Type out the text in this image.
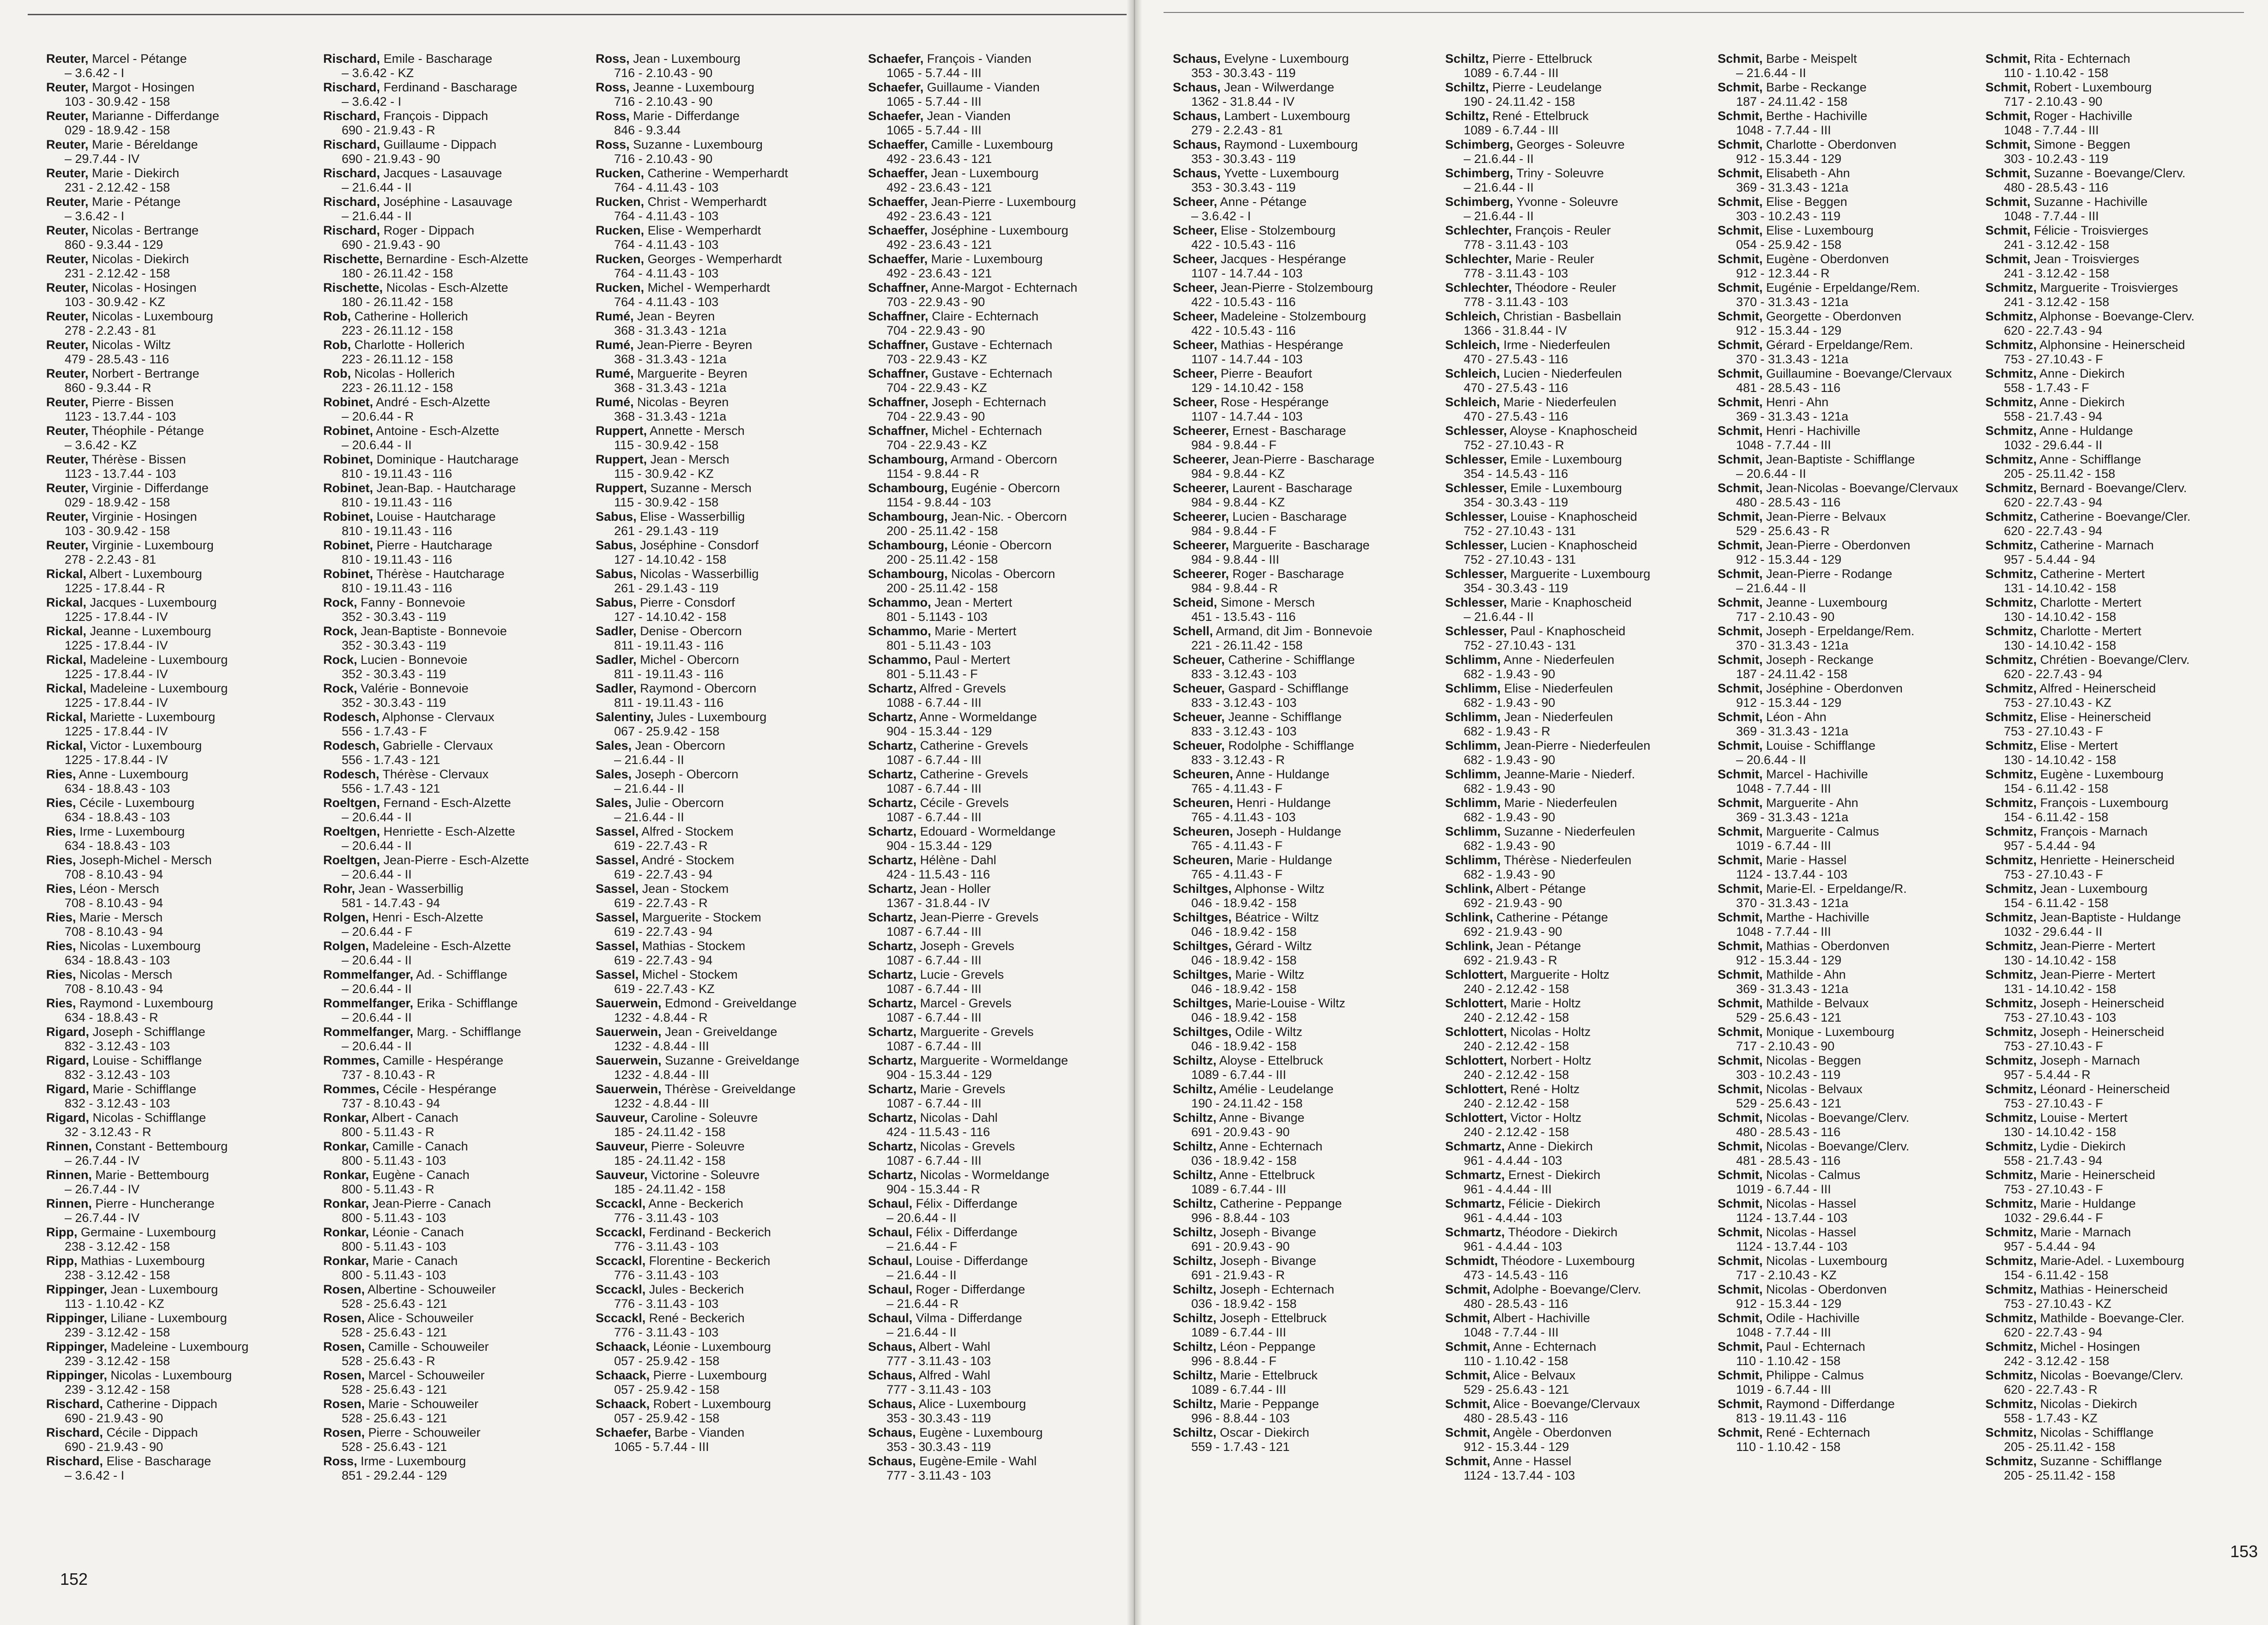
Reuter, Marcel - Pétange
– 3.6.42 - I
Reuter, Margot - Hosingen
103 - 30.9.42 - 158
Reuter, Marianne - Differdange
029 - 18.9.42 - 158
Reuter, Marie - Béreldange
– 29.7.44 - IV
Reuter, Marie - Diekirch
231 - 2.12.42 - 158
Reuter, Marie - Pétange
– 3.6.42 - I
Reuter, Nicolas - Bertrange
860 - 9.3.44 - 129
Reuter, Nicolas - Diekirch
231 - 2.12.42 - 158
Reuter, Nicolas - Hosingen
103 - 30.9.42 - KZ
Reuter, Nicolas - Luxembourg
278 - 2.2.43 - 81
Reuter, Nicolas - Wiltz
479 - 28.5.43 - 116
Reuter, Norbert - Bertrange
860 - 9.3.44 - R
Reuter, Pierre - Bissen
1123 - 13.7.44 - 103
Reuter, Théophile - Pétange
– 3.6.42 - KZ
Reuter, Thérèse - Bissen
1123 - 13.7.44 - 103
Reuter, Virginie - Differdange
029 - 18.9.42 - 158
Reuter, Virginie - Hosingen
103 - 30.9.42 - 158
Reuter, Virginie - Luxembourg
278 - 2.2.43 - 81
Rickal, Albert - Luxembourg
1225 - 17.8.44 - R
Rickal, Jacques - Luxembourg
1225 - 17.8.44 - IV
Rickal, Jeanne - Luxembourg
1225 - 17.8.44 - IV
Rickal, Madeleine - Luxembourg
1225 - 17.8.44 - IV
Rickal, Madeleine - Luxembourg
1225 - 17.8.44 - IV
Rickal, Mariette - Luxembourg
1225 - 17.8.44 - IV
Rickal, Victor - Luxembourg
1225 - 17.8.44 - IV
Ries, Anne - Luxembourg
634 - 18.8.43 - 103
Ries, Cécile - Luxembourg
634 - 18.8.43 - 103
Ries, Irme - Luxembourg
634 - 18.8.43 - 103
Ries, Joseph-Michel - Mersch
708 - 8.10.43 - 94
Ries, Léon - Mersch
708 - 8.10.43 - 94
Ries, Marie - Mersch
708 - 8.10.43 - 94
Ries, Nicolas - Luxembourg
634 - 18.8.43 - 103
Ries, Nicolas - Mersch
708 - 8.10.43 - 94
Ries, Raymond - Luxembourg
634 - 18.8.43 - R
Rigard, Joseph - Schifflange
832 - 3.12.43 - 103
Rigard, Louise - Schifflange
832 - 3.12.43 - 103
Rigard, Marie - Schifflange
832 - 3.12.43 - 103
Rigard, Nicolas - Schifflange
32 - 3.12.43 - R
Rinnen, Constant - Bettembourg
– 26.7.44 - IV
Rinnen, Marie - Bettembourg
– 26.7.44 - IV
Rinnen, Pierre - Huncherange
– 26.7.44 - IV
Ripp, Germaine - Luxembourg
238 - 3.12.42 - 158
Ripp, Mathias - Luxembourg
238 - 3.12.42 - 158
Rippinger, Jean - Luxembourg
113 - 1.10.42 - KZ
Rippinger, Liliane - Luxembourg
239 - 3.12.42 - 158
Rippinger, Madeleine - Luxembourg
239 - 3.12.42 - 158
Rippinger, Nicolas - Luxembourg
239 - 3.12.42 - 158
Rischard, Catherine - Dippach
690 - 21.9.43 - 90
Rischard, Cécile - Dippach
690 - 21.9.43 - 90
Rischard, Elise - Bascharage
– 3.6.42 - I
Rischard, Emile - Bascharage
– 3.6.42 - KZ
Rischard, Ferdinand - Bascharage
– 3.6.42 - I
Rischard, François - Dippach
690 - 21.9.43 - R
Rischard, Guillaume - Dippach
690 - 21.9.43 - 90
Rischard, Jacques - Lasauvage
– 21.6.44 - II
Rischard, Joséphine - Lasauvage
– 21.6.44 - II
Rischard, Roger - Dippach
690 - 21.9.43 - 90
Rischette, Bernardine - Esch-Alzette
180 - 26.11.42 - 158
Rischette, Nicolas - Esch-Alzette
180 - 26.11.42 - 158
Rob, Catherine - Hollerich
223 - 26.11.12 - 158
Rob, Charlotte - Hollerich
223 - 26.11.12 - 158
Rob, Nicolas - Hollerich
223 - 26.11.12 - 158
Robinet, André - Esch-Alzette
– 20.6.44 - R
Robinet, Antoine - Esch-Alzette
– 20.6.44 - II
Robinet, Dominique - Hautcharage
810 - 19.11.43 - 116
Robinet, Jean-Bap. - Hautcharage
810 - 19.11.43 - 116
Robinet, Louise - Hautcharage
810 - 19.11.43 - 116
Robinet, Pierre - Hautcharage
810 - 19.11.43 - 116
Robinet, Thérèse - Hautcharage
810 - 19.11.43 - 116
Rock, Fanny - Bonnevoie
352 - 30.3.43 - 119
Rock, Jean-Baptiste - Bonnevoie
352 - 30.3.43 - 119
Rock, Lucien - Bonnevoie
352 - 30.3.43 - 119
Rock, Valérie - Bonnevoie
352 - 30.3.43 - 119
Rodesch, Alphonse - Clervaux
556 - 1.7.43 - F
Rodesch, Gabrielle - Clervaux
556 - 1.7.43 - 121
Rodesch, Thérèse - Clervaux
556 - 1.7.43 - 121
Roeltgen, Fernand - Esch-Alzette
– 20.6.44 - II
Roeltgen, Henriette - Esch-Alzette
– 20.6.44 - II
Roeltgen, Jean-Pierre - Esch-Alzette
– 20.6.44 - II
Rohr, Jean - Wasserbillig
581 - 14.7.43 - 94
Rolgen, Henri - Esch-Alzette
– 20.6.44 - F
Rolgen, Madeleine - Esch-Alzette
– 20.6.44 - II
Rommelfanger, Ad. - Schifflange
– 20.6.44 - II
Rommelfanger, Erika - Schifflange
– 20.6.44 - II
Rommelfanger, Marg. - Schifflange
– 20.6.44 - II
Rommes, Camille - Hespérange
737 - 8.10.43 - R
Rommes, Cécile - Hespérange
737 - 8.10.43 - 94
Ronkar, Albert - Canach
800 - 5.11.43 - R
Ronkar, Camille - Canach
800 - 5.11.43 - 103
Ronkar, Eugène - Canach
800 - 5.11.43 - R
Ronkar, Jean-Pierre - Canach
800 - 5.11.43 - 103
Ronkar, Léonie - Canach
800 - 5.11.43 - 103
Ronkar, Marie - Canach
800 - 5.11.43 - 103
Rosen, Albertine - Schouweiler
528 - 25.6.43 - 121
Rosen, Alice - Schouweiler
528 - 25.6.43 - 121
Rosen, Camille - Schouweiler
528 - 25.6.43 - R
Rosen, Marcel - Schouweiler
528 - 25.6.43 - 121
Rosen, Marie - Schouweiler
528 - 25.6.43 - 121
Rosen, Pierre - Schouweiler
528 - 25.6.43 - 121
Ross, Irme - Luxembourg
851 - 29.2.44 - 129
Ross, Jean - Luxembourg
716 - 2.10.43 - 90
Ross, Jeanne - Luxembourg
716 - 2.10.43 - 90
Ross, Marie - Differdange
846 - 9.3.44
Ross, Suzanne - Luxembourg
716 - 2.10.43 - 90
Rucken, Catherine - Wemperhardt
764 - 4.11.43 - 103
Rucken, Christ - Wemperhardt
764 - 4.11.43 - 103
Rucken, Elise - Wemperhardt
764 - 4.11.43 - 103
Rucken, Georges - Wemperhardt
764 - 4.11.43 - 103
Rucken, Michel - Wemperhardt
764 - 4.11.43 - 103
Rumé, Jean - Beyren
368 - 31.3.43 - 121a
Rumé, Jean-Pierre - Beyren
368 - 31.3.43 - 121a
Rumé, Marguerite - Beyren
368 - 31.3.43 - 121a
Rumé, Nicolas - Beyren
368 - 31.3.43 - 121a
Ruppert, Annette - Mersch
115 - 30.9.42 - 158
Ruppert, Jean - Mersch
115 - 30.9.42 - KZ
Ruppert, Suzanne - Mersch
115 - 30.9.42 - 158
Sabus, Elise - Wasserbillig
261 - 29.1.43 - 119
Sabus, Joséphine - Consdorf
127 - 14.10.42 - 158
Sabus, Nicolas - Wasserbillig
261 - 29.1.43 - 119
Sabus, Pierre - Consdorf
127 - 14.10.42 - 158
Sadler, Denise - Obercorn
811 - 19.11.43 - 116
Sadler, Michel - Obercorn
811 - 19.11.43 - 116
Sadler, Raymond - Obercorn
811 - 19.11.43 - 116
Salentiny, Jules - Luxembourg
067 - 25.9.42 - 158
Sales, Jean - Obercorn
– 21.6.44 - II
Sales, Joseph - Obercorn
– 21.6.44 - II
Sales, Julie - Obercorn
– 21.6.44 - II
Sassel, Alfred - Stockem
619 - 22.7.43 - R
Sassel, André - Stockem
619 - 22.7.43 - 94
Sassel, Jean - Stockem
619 - 22.7.43 - R
Sassel, Marguerite - Stockem
619 - 22.7.43 - 94
Sassel, Mathias - Stockem
619 - 22.7.43 - 94
Sassel, Michel - Stockem
619 - 22.7.43 - KZ
Sauerwein, Edmond - Greiveldange
1232 - 4.8.44 - R
Sauerwein, Jean - Greiveldange
1232 - 4.8.44 - III
Sauerwein, Suzanne - Greiveldange
1232 - 4.8.44 - III
Sauerwein, Thérèse - Greiveldange
1232 - 4.8.44 - III
Sauveur, Caroline - Soleuvre
185 - 24.11.42 - 158
Sauveur, Pierre - Soleuvre
185 - 24.11.42 - 158
Sauveur, Victorine - Soleuvre
185 - 24.11.42 - 158
Sccackl, Anne - Beckerich
776 - 3.11.43 - 103
Sccackl, Ferdinand - Beckerich
776 - 3.11.43 - 103
Sccackl, Florentine - Beckerich
776 - 3.11.43 - 103
Sccackl, Jules - Beckerich
776 - 3.11.43 - 103
Sccackl, René - Beckerich
776 - 3.11.43 - 103
Schaack, Léonie - Luxembourg
057 - 25.9.42 - 158
Schaack, Pierre - Luxembourg
057 - 25.9.42 - 158
Schaack, Robert - Luxembourg
057 - 25.9.42 - 158
Schaefer, Barbe - Vianden
1065 - 5.7.44 - III
Schaefer, François - Vianden
1065 - 5.7.44 - III
Schaefer, Guillaume - Vianden
1065 - 5.7.44 - III
Schaefer, Jean - Vianden
1065 - 5.7.44 - III
Schaeffer, Camille - Luxembourg
492 - 23.6.43 - 121
Schaeffer, Jean - Luxembourg
492 - 23.6.43 - 121
Schaeffer, Jean-Pierre - Luxembourg
492 - 23.6.43 - 121
Schaeffer, Joséphine - Luxembourg
492 - 23.6.43 - 121
Schaeffer, Marie - Luxembourg
492 - 23.6.43 - 121
Schaffner, Anne-Margot - Echternach
703 - 22.9.43 - 90
Schaffner, Claire - Echternach
704 - 22.9.43 - 90
Schaffner, Gustave - Echternach
703 - 22.9.43 - KZ
Schaffner, Gustave - Echternach
704 - 22.9.43 - KZ
Schaffner, Joseph - Echternach
704 - 22.9.43 - 90
Schaffner, Michel - Echternach
704 - 22.9.43 - KZ
Schambourg, Armand - Obercorn
1154 - 9.8.44 - R
Schambourg, Eugénie - Obercorn
1154 - 9.8.44 - 103
Schambourg, Jean-Nic. - Obercorn
200 - 25.11.42 - 158
Schambourg, Léonie - Obercorn
200 - 25.11.42 - 158
Schambourg, Nicolas - Obercorn
200 - 25.11.42 - 158
Schammo, Jean - Mertert
801 - 5.1143 - 103
Schammo, Marie - Mertert
801 - 5.11.43 - 103
Schammo, Paul - Mertert
801 - 5.11.43 - F
Schartz, Alfred - Grevels
1088 - 6.7.44 - III
Schartz, Anne - Wormeldange
904 - 15.3.44 - 129
Schartz, Catherine - Grevels
1087 - 6.7.44 - III
Schartz, Catherine - Grevels
1087 - 6.7.44 - III
Schartz, Cécile - Grevels
1087 - 6.7.44 - III
Schartz, Edouard - Wormeldange
904 - 15.3.44 - 129
Schartz, Hélène - Dahl
424 - 11.5.43 - 116
Schartz, Jean - Holler
1367 - 31.8.44 - IV
Schartz, Jean-Pierre - Grevels
1087 - 6.7.44 - III
Schartz, Joseph - Grevels
1087 - 6.7.44 - III
Schartz, Lucie - Grevels
1087 - 6.7.44 - III
Schartz, Marcel - Grevels
1087 - 6.7.44 - III
Schartz, Marguerite - Grevels
1087 - 6.7.44 - III
Schartz, Marguerite - Wormeldange
904 - 15.3.44 - 129
Schartz, Marie - Grevels
1087 - 6.7.44 - III
Schartz, Nicolas - Dahl
424 - 11.5.43 - 116
Schartz, Nicolas - Grevels
1087 - 6.7.44 - III
Schartz, Nicolas - Wormeldange
904 - 15.3.44 - R
Schaul, Félix - Differdange
– 20.6.44 - II
Schaul, Félix - Differdange
– 21.6.44 - F
Schaul, Louise - Differdange
– 21.6.44 - II
Schaul, Roger - Differdange
– 21.6.44 - R
Schaul, Vilma - Differdange
– 21.6.44 - II
Schaus, Albert - Wahl
777 - 3.11.43 - 103
Schaus, Alfred - Wahl
777 - 3.11.43 - 103
Schaus, Alice - Luxembourg
353 - 30.3.43 - 119
Schaus, Eugène - Luxembourg
353 - 30.3.43 - 119
Schaus, Eugène-Emile - Wahl
777 - 3.11.43 - 103
Schaus, Evelyne - Luxembourg
353 - 30.3.43 - 119
Schaus, Jean - Wilwerdange
1362 - 31.8.44 - IV
Schaus, Lambert - Luxembourg
279 - 2.2.43 - 81
Schaus, Raymond - Luxembourg
353 - 30.3.43 - 119
Schaus, Yvette - Luxembourg
353 - 30.3.43 - 119
Scheer, Anne - Pétange
– 3.6.42 - I
Scheer, Elise - Stolzembourg
422 - 10.5.43 - 116
Scheer, Jacques - Hespérange
1107 - 14.7.44 - 103
Scheer, Jean-Pierre - Stolzembourg
422 - 10.5.43 - 116
Scheer, Madeleine - Stolzembourg
422 - 10.5.43 - 116
Scheer, Mathias - Hespérange
1107 - 14.7.44 - 103
Scheer, Pierre - Beaufort
129 - 14.10.42 - 158
Scheer, Rose - Hespérange
1107 - 14.7.44 - 103
Scheerer, Ernest - Bascharage
984 - 9.8.44 - F
Scheerer, Jean-Pierre - Bascharage
984 - 9.8.44 - KZ
Scheerer, Laurent - Bascharage
984 - 9.8.44 - KZ
Scheerer, Lucien - Bascharage
984 - 9.8.44 - F
Scheerer, Marguerite - Bascharage
984 - 9.8.44 - III
Scheerer, Roger - Bascharage
984 - 9.8.44 - R
Scheid, Simone - Mersch
451 - 13.5.43 - 116
Schell, Armand, dit Jim - Bonnevoie
221 - 26.11.42 - 158
Scheuer, Catherine - Schifflange
833 - 3.12.43 - 103
Scheuer, Gaspard - Schifflange
833 - 3.12.43 - 103
Scheuer, Jeanne - Schifflange
833 - 3.12.43 - 103
Scheuer, Rodolphe - Schifflange
833 - 3.12.43 - R
Scheuren, Anne - Huldange
765 - 4.11.43 - F
Scheuren, Henri - Huldange
765 - 4.11.43 - 103
Scheuren, Joseph - Huldange
765 - 4.11.43 - F
Scheuren, Marie - Huldange
765 - 4.11.43 - F
Schiltges, Alphonse - Wiltz
046 - 18.9.42 - 158
Schiltges, Béatrice - Wiltz
046 - 18.9.42 - 158
Schiltges, Gérard - Wiltz
046 - 18.9.42 - 158
Schiltges, Marie - Wiltz
046 - 18.9.42 - 158
Schiltges, Marie-Louise - Wiltz
046 - 18.9.42 - 158
Schiltges, Odile - Wiltz
046 - 18.9.42 - 158
Schiltz, Aloyse - Ettelbruck
1089 - 6.7.44 - III
Schiltz, Amélie - Leudelange
190 - 24.11.42 - 158
Schiltz, Anne - Bivange
691 - 20.9.43 - 90
Schiltz, Anne - Echternach
036 - 18.9.42 - 158
Schiltz, Anne - Ettelbruck
1089 - 6.7.44 - III
Schiltz, Catherine - Peppange
996 - 8.8.44 - 103
Schiltz, Joseph - Bivange
691 - 20.9.43 - 90
Schiltz, Joseph - Bivange
691 - 21.9.43 - R
Schiltz, Joseph - Echternach
036 - 18.9.42 - 158
Schiltz, Joseph - Ettelbruck
1089 - 6.7.44 - III
Schiltz, Léon - Peppange
996 - 8.8.44 - F
Schiltz, Marie - Ettelbruck
1089 - 6.7.44 - III
Schiltz, Marie - Peppange
996 - 8.8.44 - 103
Schiltz, Oscar - Diekirch
559 - 1.7.43 - 121
Schiltz, Pierre - Ettelbruck
1089 - 6.7.44 - III
Schiltz, Pierre - Leudelange
190 - 24.11.42 - 158
Schiltz, René - Ettelbruck
1089 - 6.7.44 - III
Schimberg, Georges - Soleuvre
– 21.6.44 - II
Schimberg, Triny - Soleuvre
– 21.6.44 - II
Schimberg, Yvonne - Soleuvre
– 21.6.44 - II
Schlechter, François - Reuler
778 - 3.11.43 - 103
Schlechter, Marie - Reuler
778 - 3.11.43 - 103
Schlechter, Théodore - Reuler
778 - 3.11.43 - 103
Schleich, Christian - Basbellain
1366 - 31.8.44 - IV
Schleich, Irme - Niederfeulen
470 - 27.5.43 - 116
Schleich, Lucien - Niederfeulen
470 - 27.5.43 - 116
Schleich, Marie - Niederfeulen
470 - 27.5.43 - 116
Schlesser, Aloyse - Knaphoscheid
752 - 27.10.43 - R
Schlesser, Emile - Luxembourg
354 - 14.5.43 - 116
Schlesser, Emile - Luxembourg
354 - 30.3.43 - 119
Schlesser, Louise - Knaphoscheid
752 - 27.10.43 - 131
Schlesser, Lucien - Knaphoscheid
752 - 27.10.43 - 131
Schlesser, Marguerite - Luxembourg
354 - 30.3.43 - 119
Schlesser, Marie - Knaphoscheid
– 21.6.44 - II
Schlesser, Paul - Knaphoscheid
752 - 27.10.43 - 131
Schlimm, Anne - Niederfeulen
682 - 1.9.43 - 90
Schlimm, Elise - Niederfeulen
682 - 1.9.43 - 90
Schlimm, Jean - Niederfeulen
682 - 1.9.43 - R
Schlimm, Jean-Pierre - Niederfeulen
682 - 1.9.43 - 90
Schlimm, Jeanne-Marie - Niederf.
682 - 1.9.43 - 90
Schlimm, Marie - Niederfeulen
682 - 1.9.43 - 90
Schlimm, Suzanne - Niederfeulen
682 - 1.9.43 - 90
Schlimm, Thérèse - Niederfeulen
682 - 1.9.43 - 90
Schlink, Albert - Pétange
692 - 21.9.43 - 90
Schlink, Catherine - Pétange
692 - 21.9.43 - 90
Schlink, Jean - Pétange
692 - 21.9.43 - R
Schlottert, Marguerite - Holtz
240 - 2.12.42 - 158
Schlottert, Marie - Holtz
240 - 2.12.42 - 158
Schlottert, Nicolas - Holtz
240 - 2.12.42 - 158
Schlottert, Norbert - Holtz
240 - 2.12.42 - 158
Schlottert, René - Holtz
240 - 2.12.42 - 158
Schlottert, Victor - Holtz
240 - 2.12.42 - 158
Schmartz, Anne - Diekirch
961 - 4.4.44 - 103
Schmartz, Ernest - Diekirch
961 - 4.4.44 - III
Schmartz, Félicie - Diekirch
961 - 4.4.44 - 103
Schmartz, Théodore - Diekirch
961 - 4.4.44 - 103
Schmidt, Théodore - Luxembourg
473 - 14.5.43 - 116
Schmit, Adolphe - Boevange/Clerv.
480 - 28.5.43 - 116
Schmit, Albert - Hachiville
1048 - 7.7.44 - III
Schmit, Anne - Echternach
110 - 1.10.42 - 158
Schmit, Alice - Belvaux
529 - 25.6.43 - 121
Schmit, Alice - Boevange/Clervaux
480 - 28.5.43 - 116
Schmit, Angèle - Oberdonven
912 - 15.3.44 - 129
Schmit, Anne - Hassel
1124 - 13.7.44 - 103
Schmit, Barbe - Meispelt
– 21.6.44 - II
Schmit, Barbe - Reckange
187 - 24.11.42 - 158
Schmit, Berthe - Hachiville
1048 - 7.7.44 - III
Schmit, Charlotte - Oberdonven
912 - 15.3.44 - 129
Schmit, Elisabeth - Ahn
369 - 31.3.43 - 121a
Schmit, Elise - Beggen
303 - 10.2.43 - 119
Schmit, Elise - Luxembourg
054 - 25.9.42 - 158
Schmit, Eugène - Oberdonven
912 - 12.3.44 - R
Schmit, Eugénie - Erpeldange/Rem.
370 - 31.3.43 - 121a
Schmit, Georgette - Oberdonven
912 - 15.3.44 - 129
Schmit, Gérard - Erpeldange/Rem.
370 - 31.3.43 - 121a
Schmit, Guillaumine - Boevange/Clervaux
481 - 28.5.43 - 116
Schmit, Henri - Ahn
369 - 31.3.43 - 121a
Schmit, Henri - Hachiville
1048 - 7.7.44 - III
Schmit, Jean-Baptiste - Schifflange
– 20.6.44 - II
Schmit, Jean-Nicolas - Boevange/Clervaux
480 - 28.5.43 - 116
Schmit, Jean-Pierre - Belvaux
529 - 25.6.43 - R
Schmit, Jean-Pierre - Oberdonven
912 - 15.3.44 - 129
Schmit, Jean-Pierre - Rodange
– 21.6.44 - II
Schmit, Jeanne - Luxembourg
717 - 2.10.43 - 90
Schmit, Joseph - Erpeldange/Rem.
370 - 31.3.43 - 121a
Schmit, Joseph - Reckange
187 - 24.11.42 - 158
Schmit, Joséphine - Oberdonven
912 - 15.3.44 - 129
Schmit, Léon - Ahn
369 - 31.3.43 - 121a
Schmit, Louise - Schifflange
– 20.6.44 - II
Schmit, Marcel - Hachiville
1048 - 7.7.44 - III
Schmit, Marguerite - Ahn
369 - 31.3.43 - 121a
Schmit, Marguerite - Calmus
1019 - 6.7.44 - III
Schmit, Marie - Hassel
1124 - 13.7.44 - 103
Schmit, Marie-El. - Erpeldange/R.
370 - 31.3.43 - 121a
Schmit, Marthe - Hachiville
1048 - 7.7.44 - III
Schmit, Mathias - Oberdonven
912 - 15.3.44 - 129
Schmit, Mathilde - Ahn
369 - 31.3.43 - 121a
Schmit, Mathilde - Belvaux
529 - 25.6.43 - 121
Schmit, Monique - Luxembourg
717 - 2.10.43 - 90
Schmit, Nicolas - Beggen
303 - 10.2.43 - 119
Schmit, Nicolas - Belvaux
529 - 25.6.43 - 121
Schmit, Nicolas - Boevange/Clerv.
480 - 28.5.43 - 116
Schmit, Nicolas - Boevange/Clerv.
481 - 28.5.43 - 116
Schmit, Nicolas - Calmus
1019 - 6.7.44 - III
Schmit, Nicolas - Hassel
1124 - 13.7.44 - 103
Schmit, Nicolas - Hassel
1124 - 13.7.44 - 103
Schmit, Nicolas - Luxembourg
717 - 2.10.43 - KZ
Schmit, Nicolas - Oberdonven
912 - 15.3.44 - 129
Schmit, Odile - Hachiville
1048 - 7.7.44 - III
Schmit, Paul - Echternach
110 - 1.10.42 - 158
Schmit, Philippe - Calmus
1019 - 6.7.44 - III
Schmit, Raymond - Differdange
813 - 19.11.43 - 116
Schmit, René - Echternach
110 - 1.10.42 - 158
Schmit, Rita - Echternach
110 - 1.10.42 - 158
Schmit, Robert - Luxembourg
717 - 2.10.43 - 90
Schmit, Roger - Hachiville
1048 - 7.7.44 - III
Schmit, Simone - Beggen
303 - 10.2.43 - 119
Schmit, Suzanne - Boevange/Clerv.
480 - 28.5.43 - 116
Schmit, Suzanne - Hachiville
1048 - 7.7.44 - III
Schmit, Félicie - Troisvierges
241 - 3.12.42 - 158
Schmit, Jean - Troisvierges
241 - 3.12.42 - 158
Schmitz, Marguerite - Troisvierges
241 - 3.12.42 - 158
Schmitz, Alphonse - Boevange-Clerv.
620 - 22.7.43 - 94
Schmitz, Alphonsine - Heinerscheid
753 - 27.10.43 - F
Schmitz, Anne - Diekirch
558 - 1.7.43 - F
Schmitz, Anne - Diekirch
558 - 21.7.43 - 94
Schmitz, Anne - Huldange
1032 - 29.6.44 - II
Schmitz, Anne - Schifflange
205 - 25.11.42 - 158
Schmitz, Bernard - Boevange/Clerv.
620 - 22.7.43 - 94
Schmitz, Catherine - Boevange/Cler.
620 - 22.7.43 - 94
Schmitz, Catherine - Marnach
957 - 5.4.44 - 94
Schmitz, Catherine - Mertert
131 - 14.10.42 - 158
Schmitz, Charlotte - Mertert
130 - 14.10.42 - 158
Schmitz, Charlotte - Mertert
130 - 14.10.42 - 158
Schmitz, Chrétien - Boevange/Clerv.
620 - 22.7.43 - 94
Schmitz, Alfred - Heinerscheid
753 - 27.10.43 - KZ
Schmitz, Elise - Heinerscheid
753 - 27.10.43 - F
Schmitz, Elise - Mertert
130 - 14.10.42 - 158
Schmitz, Eugène - Luxembourg
154 - 6.11.42 - 158
Schmitz, François - Luxembourg
154 - 6.11.42 - 158
Schmitz, François - Marnach
957 - 5.4.44 - 94
Schmitz, Henriette - Heinerscheid
753 - 27.10.43 - F
Schmitz, Jean - Luxembourg
154 - 6.11.42 - 158
Schmitz, Jean-Baptiste - Huldange
1032 - 29.6.44 - II
Schmitz, Jean-Pierre - Mertert
130 - 14.10.42 - 158
Schmitz, Jean-Pierre - Mertert
131 - 14.10.42 - 158
Schmitz, Joseph - Heinerscheid
753 - 27.10.43 - 103
Schmitz, Joseph - Heinerscheid
753 - 27.10.43 - F
Schmitz, Joseph - Marnach
957 - 5.4.44 - R
Schmitz, Léonard - Heinerscheid
753 - 27.10.43 - F
Schmitz, Louise - Mertert
130 - 14.10.42 - 158
Schmitz, Lydie - Diekirch
558 - 21.7.43 - 94
Schmitz, Marie - Heinerscheid
753 - 27.10.43 - F
Schmitz, Marie - Huldange
1032 - 29.6.44 - F
Schmitz, Marie - Marnach
957 - 5.4.44 - 94
Schmitz, Marie-Adel. - Luxembourg
154 - 6.11.42 - 158
Schmitz, Mathias - Heinerscheid
753 - 27.10.43 - KZ
Schmitz, Mathilde - Boevange-Cler.
620 - 22.7.43 - 94
Schmitz, Michel - Hosingen
242 - 3.12.42 - 158
Schmitz, Nicolas - Boevange/Clerv.
620 - 22.7.43 - R
Schmitz, Nicolas - Diekirch
558 - 1.7.43 - KZ
Schmitz, Nicolas - Schifflange
205 - 25.11.42 - 158
Schmitz, Suzanne - Schifflange
205 - 25.11.42 - 158
152
153
